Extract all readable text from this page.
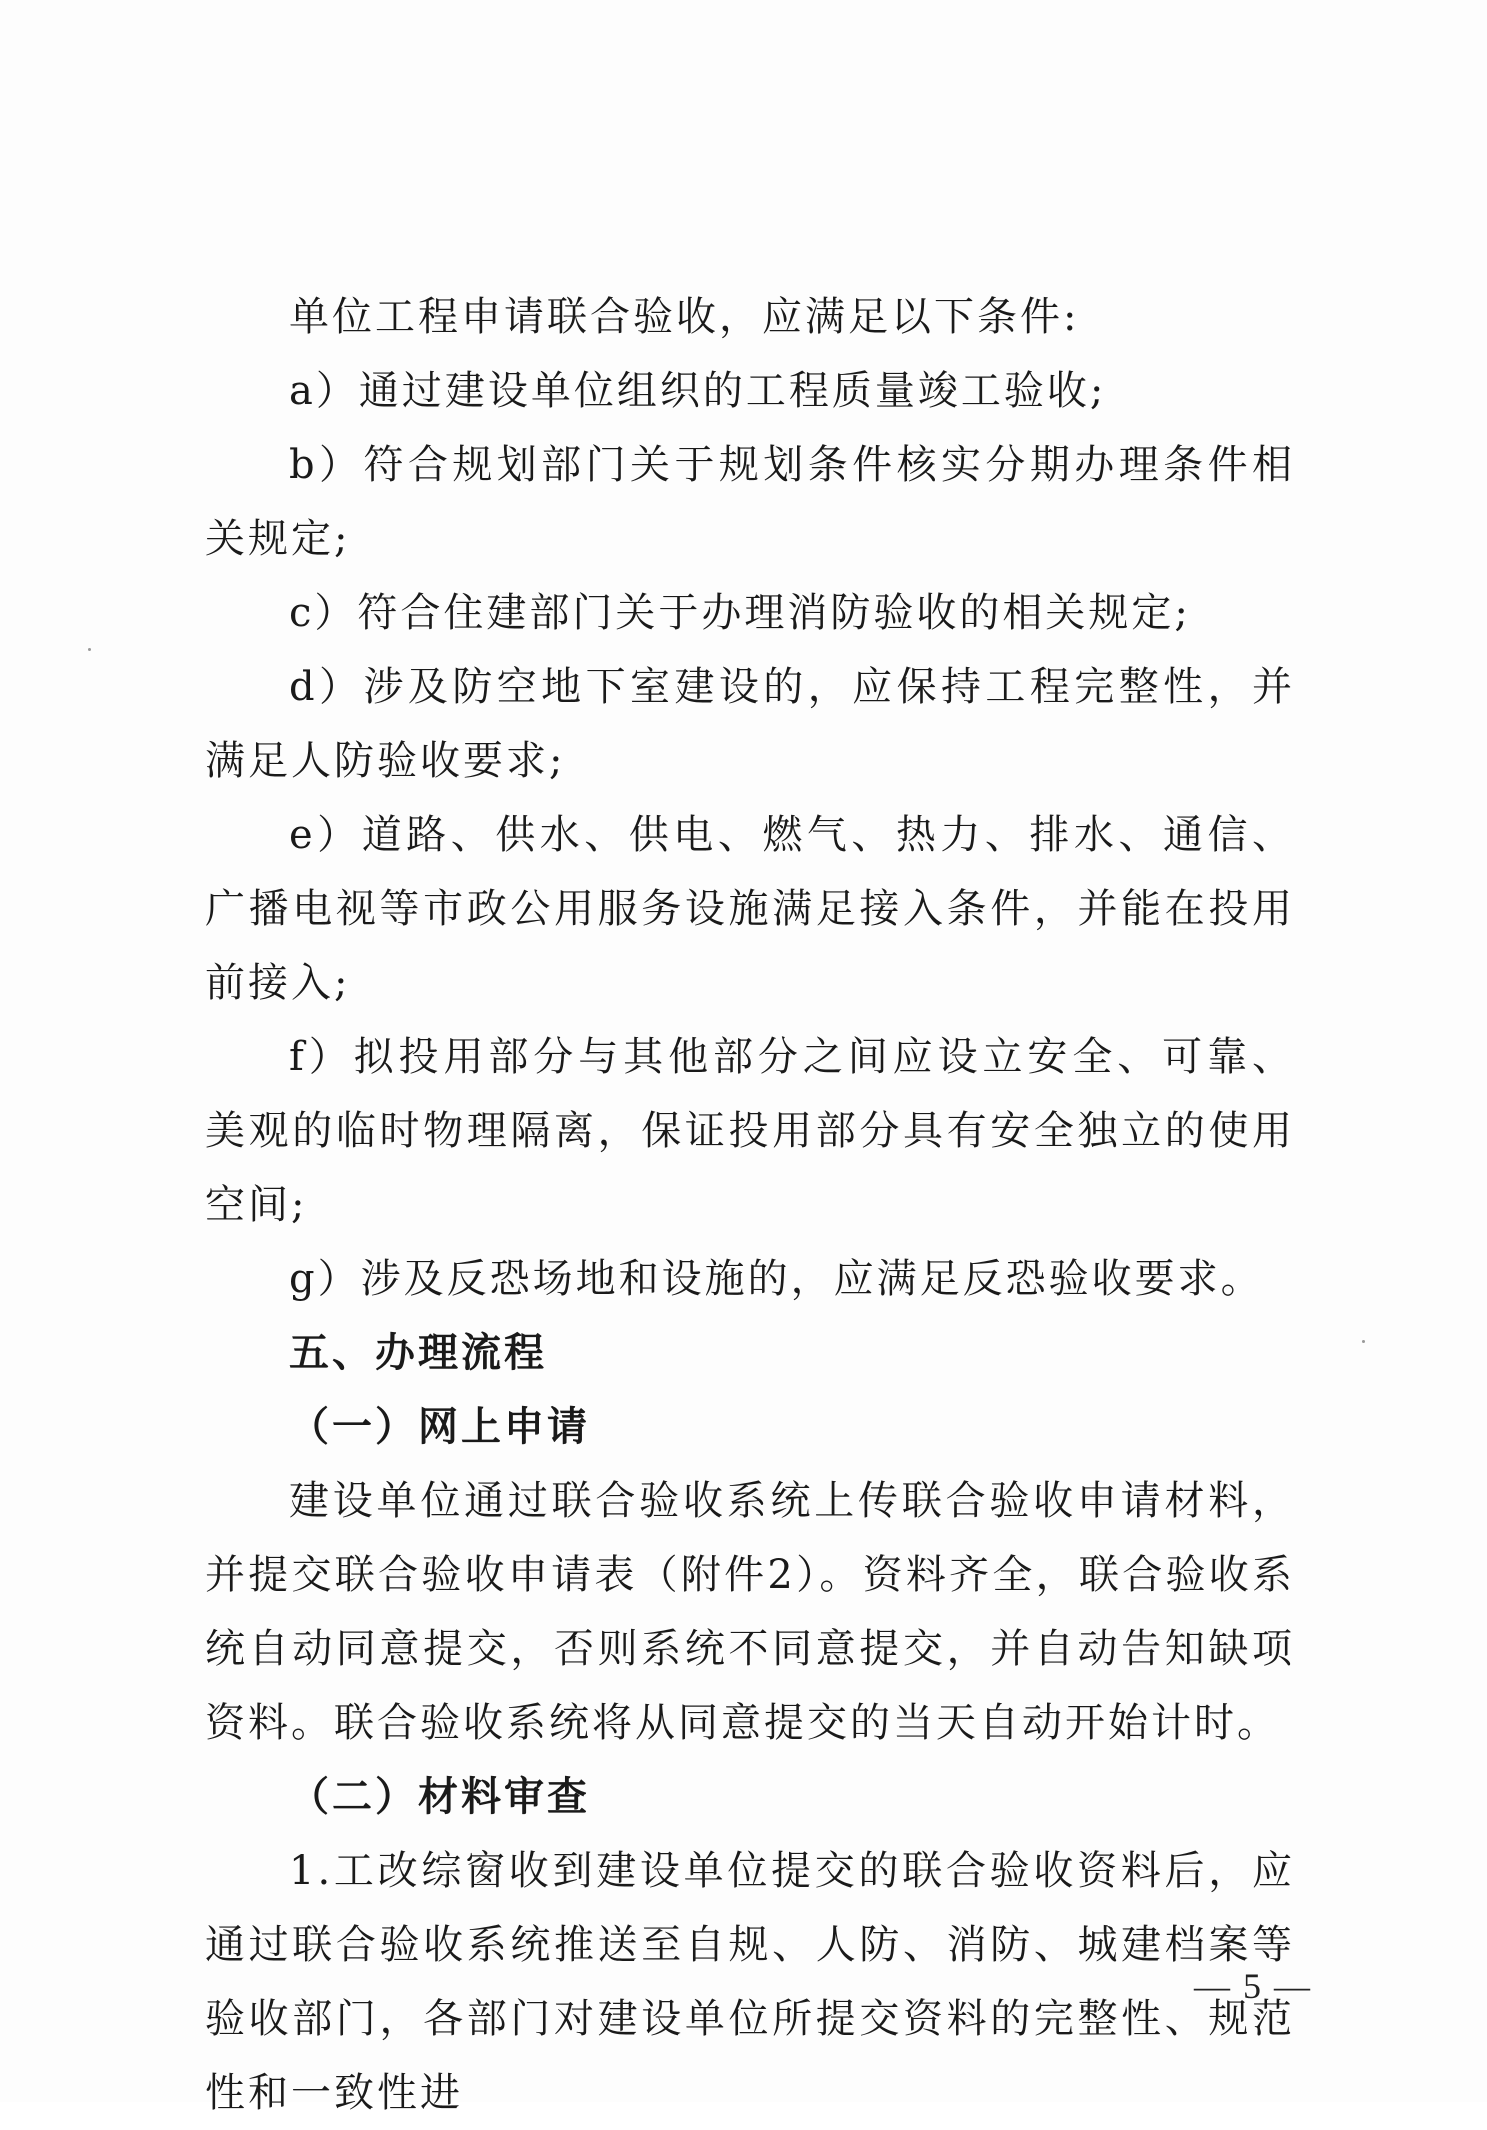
单位工程申请联合验收，应满足以下条件:

a）通过建设单位组织的工程质量竣工验收;

b）符合规划部门关于规划条件核实分期办理条件相关规定;

c）符合住建部门关于办理消防验收的相关规定;

d）涉及防空地下室建设的，应保持工程完整性，并满足人防验收要求;

e）道路、供水、供电、燃气、热力、排水、通信、广播电视等市政公用服务设施满足接入条件，并能在投用前接入;

f）拟投用部分与其他部分之间应设立安全、可靠、美观的临时物理隔离，保证投用部分具有安全独立的使用空间;

g）涉及反恐场地和设施的，应满足反恐验收要求。

五、办理流程

（一）网上申请

建设单位通过联合验收系统上传联合验收申请材料，并提交联合验收申请表（附件2）。资料齐全，联合验收系统自动同意提交，否则系统不同意提交，并自动告知缺项资料。联合验收系统将从同意提交的当天自动开始计时。

（二）材料审查

1.工改综窗收到建设单位提交的联合验收资料后，应通过联合验收系统推送至自规、人防、消防、城建档案等验收部门，各部门对建设单位所提交资料的完整性、规范性和一致性进

— 5 —
